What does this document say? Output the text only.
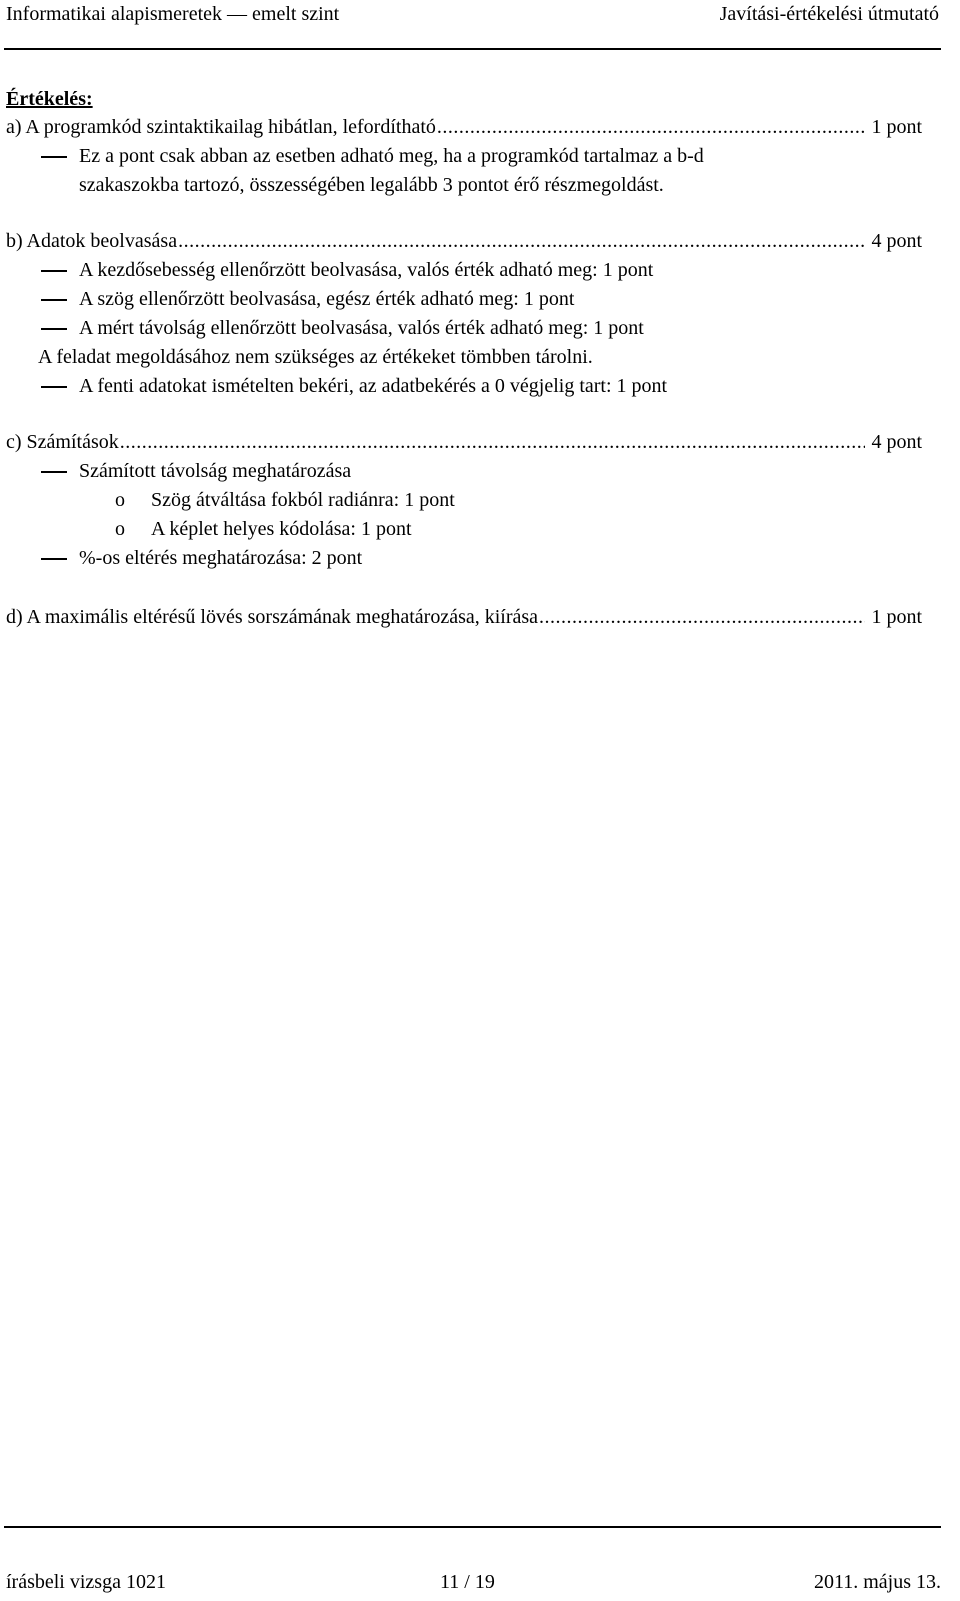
Informatikai alapismeretek — emelt szint	Javítási-értékelési útmutató
Értékelés:
a) A programkód szintaktikailag hibátlan, lefordítható .....	1 pont
Ez a pont csak abban az esetben adható meg, ha a programkód tartalmaz a b-d
szakaszokba tartozó, összességében legalább 3 pontot érő részmegoldást.
b) Adatok beolvasása .....	4 pont
A kezdősebesség ellenőrzött beolvasása, valós érték adható meg: 1 pont
A szög ellenőrzött beolvasása, egész érték adható meg: 1 pont
A mért távolság ellenőrzött beolvasása, valós érték adható meg: 1 pont
A feladat megoldásához nem szükséges az értékeket tömbben tárolni.
A fenti adatokat ismételten bekéri, az adatbekérés a 0 végjelig tart: 1 pont
c) Számítások .....	4 pont
Számított távolság meghatározása
o Szög átváltása fokból radiánra: 1 pont
o A képlet helyes kódolása: 1 pont
%-os eltérés meghatározása: 2 pont
d) A maximális eltérésű lövés sorszámának meghatározása, kiírása .....	1 pont
írásbeli vizsga 1021	11 / 19	2011. május 13.
